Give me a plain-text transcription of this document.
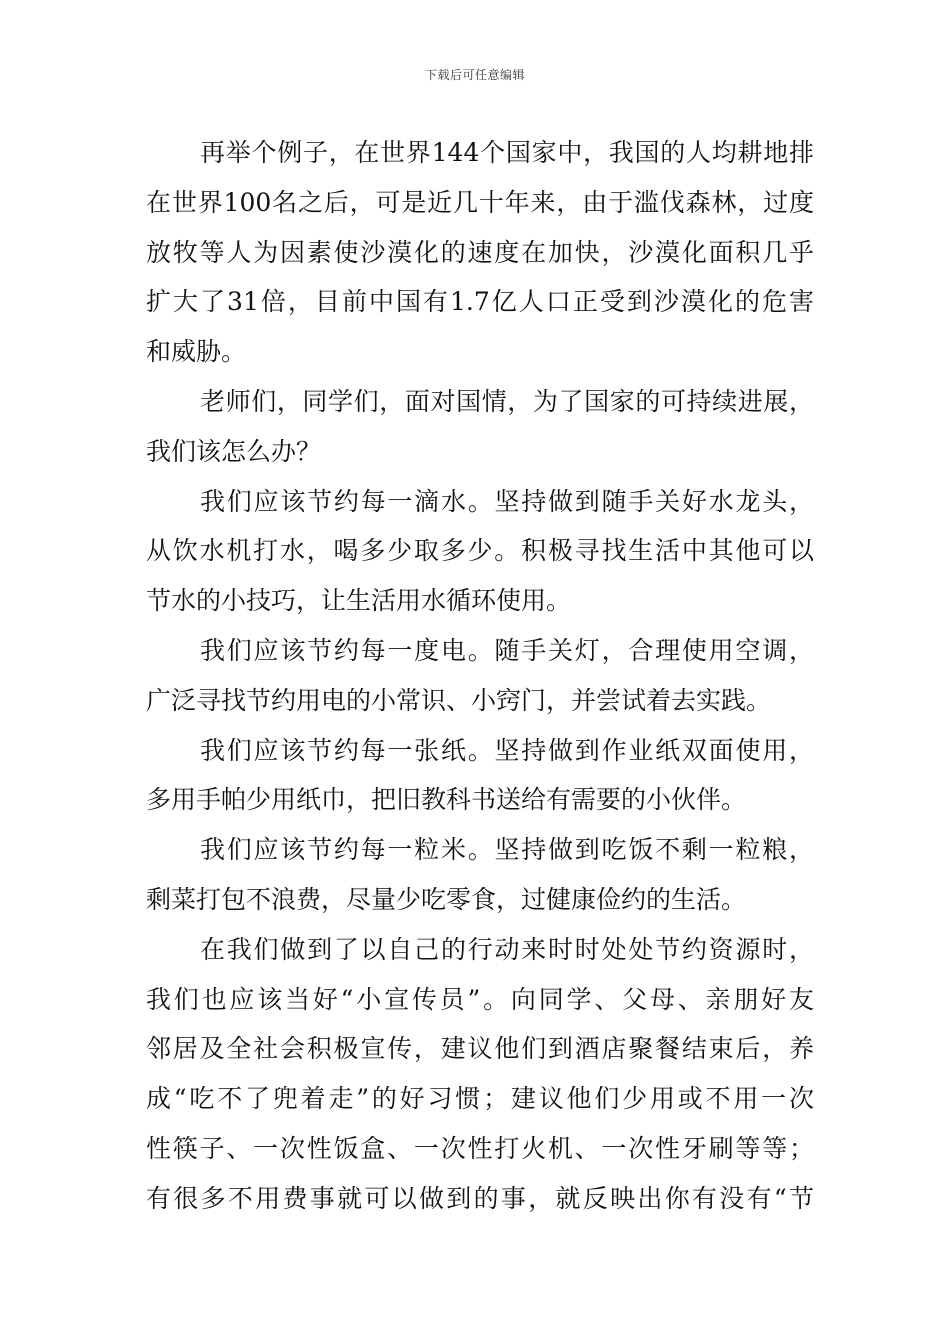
下载后可任意编辑
再举个例子，在世界144个国家中，我国的人均耕地排
在世界100名之后，可是近几十年来，由于滥伐森林，过度
放牧等人为因素使沙漠化的速度在加快，沙漠化面积几乎
扩大了31倍，目前中国有1.7亿人口正受到沙漠化的危害
和威胁。
老师们，同学们，面对国情，为了国家的可持续进展，
我们该怎么办？
我们应该节约每一滴水。坚持做到随手关好水龙头，
从饮水机打水，喝多少取多少。积极寻找生活中其他可以
节水的小技巧，让生活用水循环使用。
我们应该节约每一度电。随手关灯，合理使用空调，
广泛寻找节约用电的小常识、小窍门，并尝试着去实践。
我们应该节约每一张纸。坚持做到作业纸双面使用，
多用手帕少用纸巾，把旧教科书送给有需要的小伙伴。
我们应该节约每一粒米。坚持做到吃饭不剩一粒粮，
剩菜打包不浪费，尽量少吃零食，过健康俭约的生活。
在我们做到了以自己的行动来时时处处节约资源时，
我们也应该当好“小宣传员”。向同学、父母、亲朋好友
邻居及全社会积极宣传，建议他们到酒店聚餐结束后，养
成“吃不了兜着走”的好习惯；建议他们少用或不用一次
性筷子、一次性饭盒、一次性打火机、一次性牙刷等等；
有很多不用费事就可以做到的事，就反映出你有没有“节
